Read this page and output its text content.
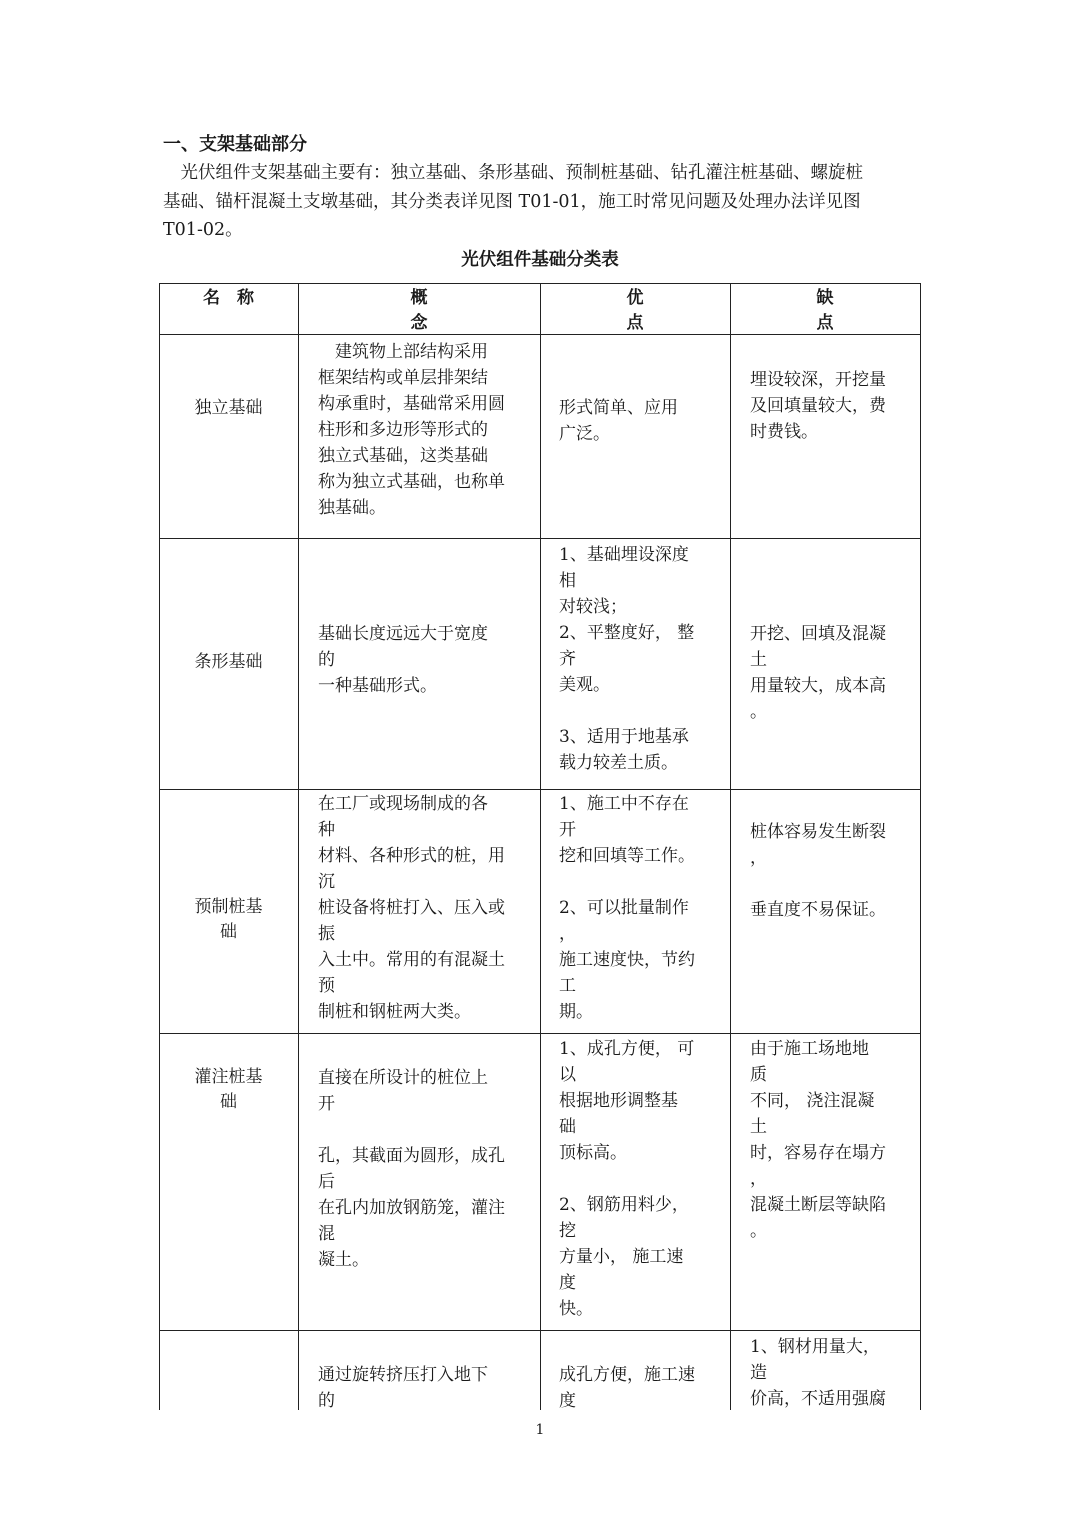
一、支架基础部分
　光伏组件支架基础主要有：独立基础、条形基础、预制桩基础、钻孔灌注桩基础、螺旋桩
基础、锚杆混凝土支墩基础，其分类表详见图 T01-01，施工时常见问题及处理办法详见图
T01-02。
光伏组件基础分类表
名　称	概
念
优
点
缺
点
独立基础
　建筑物上部结构采用
框架结构或单层排架结
构承重时，基础常采用圆
柱形和多边形等形式的
独立式基础，这类基础
称为独立式基础，也称单
独基础。
形式简单、应用
广泛。
埋设较深，开挖量
及回填量较大，费
时费钱。
条形基础
基础长度远远大于宽度
的
一种基础形式。
1、基础埋设深度
相
对较浅；
2、平整度好， 整
齐
美观。
3、适用于地基承
载力较差土质。
开挖、回填及混凝
土
用量较大，成本高
。
预制桩基
础
在工厂或现场制成的各
种
材料、各种形式的桩，用
沉
桩设备将桩打入、压入或
振
入土中。常用的有混凝土
预
制桩和钢桩两大类。
1、施工中不存在
开
挖和回填等工作。
2、可以批量制作
，
施工速度快，节约
工
期。
桩体容易发生断裂
，
垂直度不易保证。
灌注桩基
础
直接在所设计的桩位上
开
孔，其截面为圆形，成孔
后
在孔内加放钢筋笼，灌注
混
凝土。
1、成孔方便， 可
以
根据地形调整基
础
顶标高。
2、钢筋用料少，
挖
方量小， 施工速
度
快。
由于施工场地地
质
不同， 浇注混凝
土
时，容易存在塌方
，
混凝土断层等缺陷
。
通过旋转挤压打入地下
的
成孔方便，施工速
度
1、钢材用量大，
造
价高，不适用强腐
1
